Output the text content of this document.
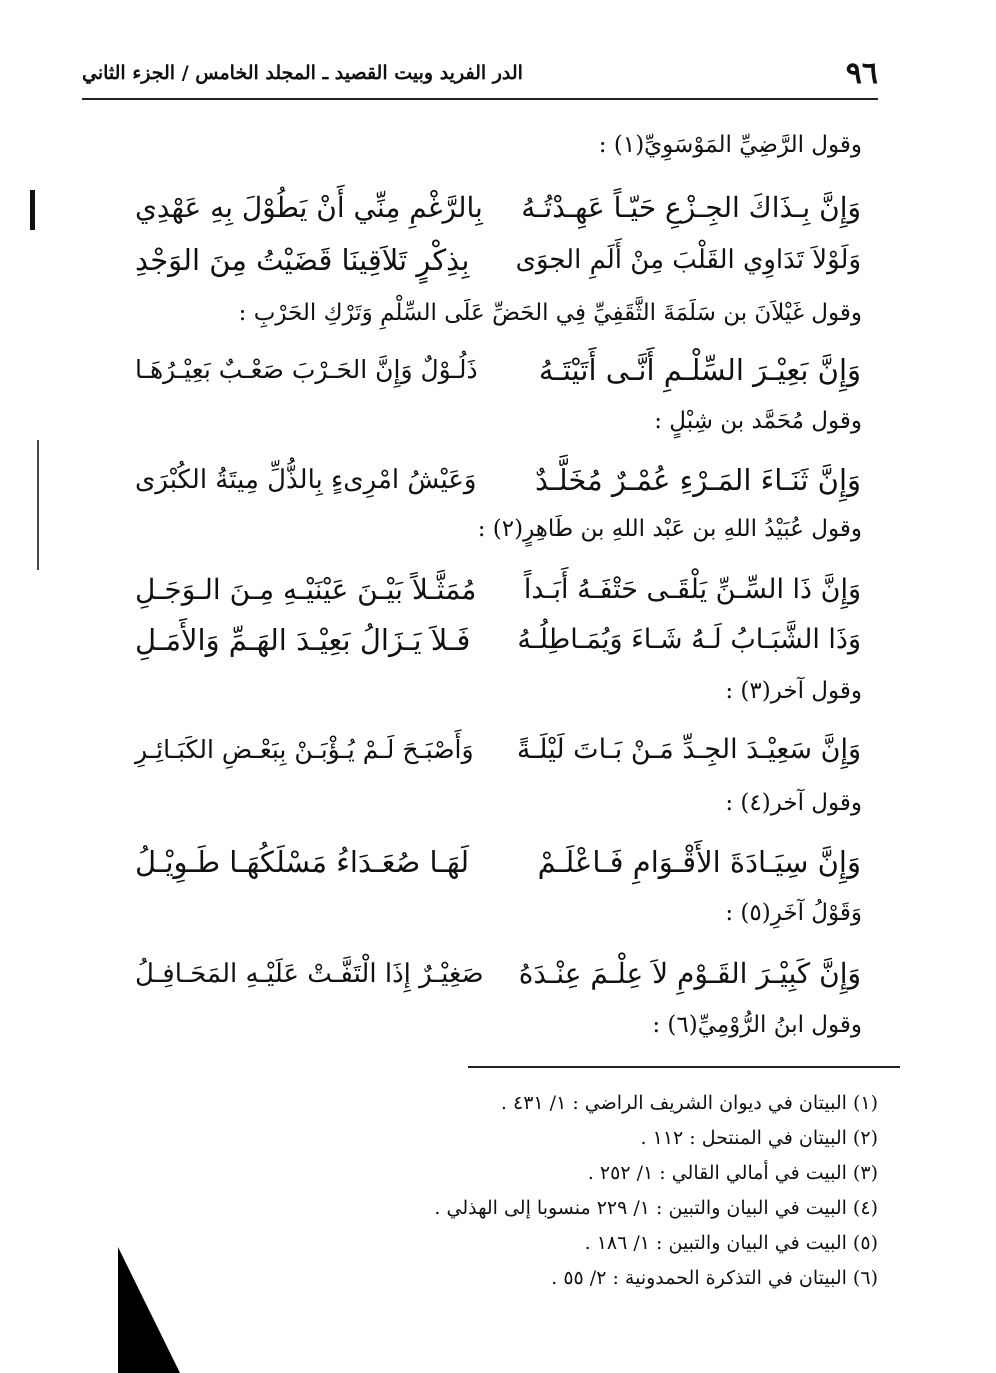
٩٦
الدر الفريد وبيت القصيد ـ المجلد الخامس / الجزء الثاني
وقول الرَّضِيِّ المَوْسَوِيِّ(١) :
وَإِنَّ بِـذَاكَ الجِـزْعِ حَيّـاً عَهِـدْتُـهُ
بِالرَّغْمِ مِنِّي أَنْ يَطُوْلَ بِهِ عَهْدِي
وَلَوْلاَ تَدَاوِي القَلْبَ مِنْ أَلَمِ الجوَى
بِذِكْرٍ تَلاَقِينَا قَضَيْتُ مِنَ الوَجْدِ
وقول غَيْلاَنَ بن سَلَمَةَ الثَّقَفِيِّ فِي الحَضِّ عَلَى السِّلْمِ وَتَرْكِ الحَرْبِ :
وَإِنَّ بَعِيْـرَ السِّلْـمِ أَنَّـى أَتَيْتَـهُ
ذَلُـوْلٌ وَإِنَّ الحَـرْبَ صَعْـبٌ بَعِيْـرُهَـا
وقول مُحَمَّد بن شِبْلٍ :
وَإِنَّ ثَنَـاءَ المَـرْءِ عُمْـرٌ مُخَلَّـدٌ
وَعَيْشُ امْرِىءٍ بِالذُّلِّ مِيتَةُ الكُبْرَى
وقول عُبَيْدُ اللهِ بن عَبْد اللهِ بن طَاهِرٍ(٢) :
وَإِنَّ ذَا السِّـنِّ يَلْقَـى حَتْفَـهُ أَبَـداً
مُمَثَّـلاً بَيْـنَ عَيْنَيْـهِ مِـنَ الـوَجَـلِ
وَذَا الشَّبَـابُ لَـهُ شَـاءَ وَيُمَـاطِلُـهُ
فَـلاَ يَـزَالُ بَعِيْـدَ الهَـمِّ وَالأَمَـلِ
وقول آخر(٣) :
وَإِنَّ سَعِيْـدَ الجِـدِّ مَـنْ بَـاتَ لَيْلَـةً
وَأَصْبَـحَ لَـمْ يُـؤْبَـنْ بِبَعْـضِ الكَبَـائِـرِ
وقول آخر(٤) :
وَإِنَّ سِيَـادَةَ الأَقْـوَامِ فَـاعْلَـمْ
لَهَـا صُعَـدَاءُ مَسْلَكُهَـا طَـوِيْـلُ
وَقَوْلُ آخَرِ(٥) :
وَإِنَّ كَبِيْـرَ القَـوْمِ لاَ عِلْـمَ عِنْـدَهُ
صَغِيْـرٌ إِذَا الْتَفَّـتْ عَلَيْـهِ المَحَـافِـلُ
وقول ابنُ الرُّوْمِيِّ(٦) :
(١) البيتان في ديوان الشريف الراضي : ١/ ٤٣١ .
(٢) البيتان في المنتحل : ١١٢ .
(٣) البيت في أمالي القالي : ١/ ٢٥٢ .
(٤) البيت في البيان والتبين : ١/ ٢٢٩ منسوبا إلى الهذلي .
(٥) البيت في البيان والتبين : ١/ ١٨٦ .
(٦) البيتان في التذكرة الحمدونية : ٢/ ٥٥ .
